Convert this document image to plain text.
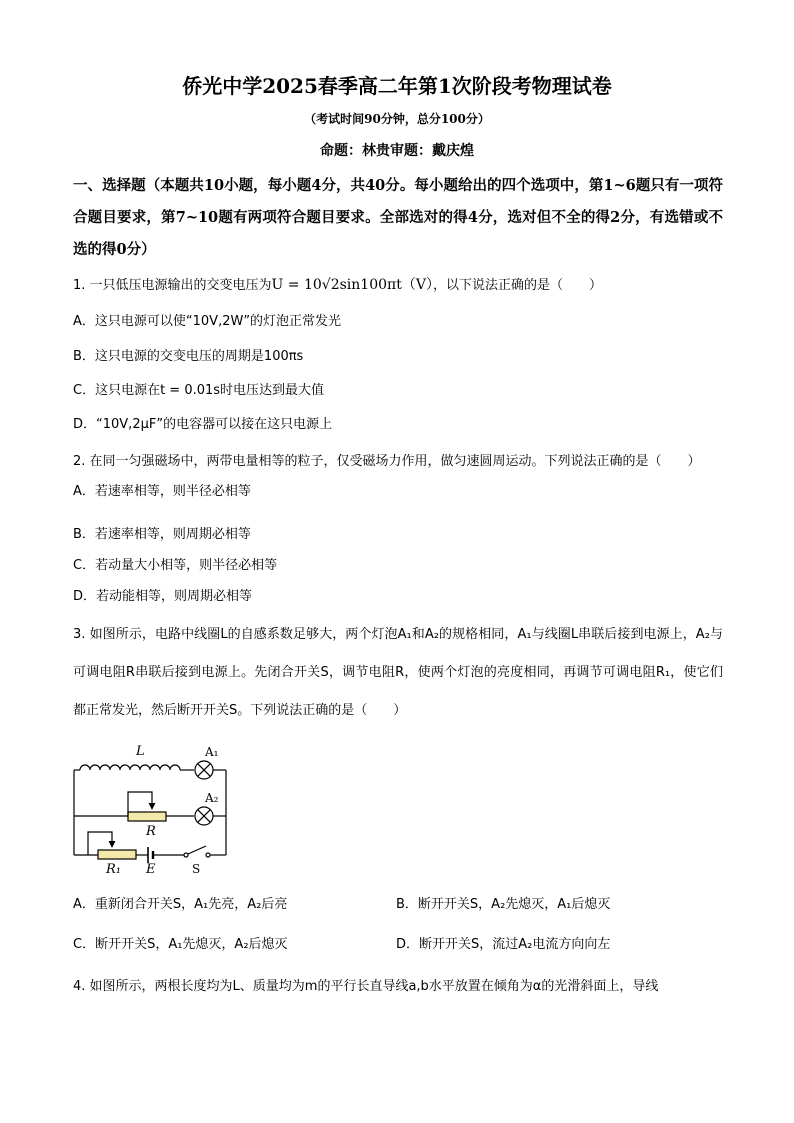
侨光中学2025春季高二年第1次阶段考物理试卷
（考试时间90分钟，总分100分）
命题：林贵审题：戴庆煌
一、选择题（本题共10小题，每小题4分，共40分。每小题给出的四个选项中，第1~6题只有一项符合题目要求，第7~10题有两项符合题目要求。全部选对的得4分，选对但不全的得2分，有选错或不选的得0分）
1. 一只低压电源输出的交变电压为U = 10√2sin100πt（V），以下说法正确的是（　　）
A．这只电源可以使“10V,2W”的灯泡正常发光
B．这只电源的交变电压的周期是100πs
C．这只电源在t = 0.01s时电压达到最大值
D．“10V,2μF”的电容器可以接在这只电源上
2. 在同一匀强磁场中，两带电量相等的粒子，仅受磁场力作用，做匀速圆周运动。下列说法正确的是（　　）
A．若速率相等，则半径必相等
B．若速率相等，则周期必相等
C．若动量大小相等，则半径必相等
D．若动能相等，则周期必相等
3. 如图所示，电路中线圈L的自感系数足够大，两个灯泡A₁和A₂的规格相同，A₁与线圈L串联后接到电源上，A₂与可调电阻R串联后接到电源上。先闭合开关S，调节电阻R，使两个灯泡的亮度相同，再调节可调电阻R₁，使它们都正常发光，然后断开开关S。下列说法正确的是（　　）
L	A₁
A₂
R
R₁ E	S
A．重新闭合开关S，A₁先亮，A₂后亮	B．断开开关S，A₂先熄灭，A₁后熄灭
C．断开开关S，A₁先熄灭，A₂后熄灭	D．断开开关S，流过A₂电流方向向左
4. 如图所示，两根长度均为L、质量均为m的平行长直导线a,b水平放置在倾角为α的光滑斜面上，导线
